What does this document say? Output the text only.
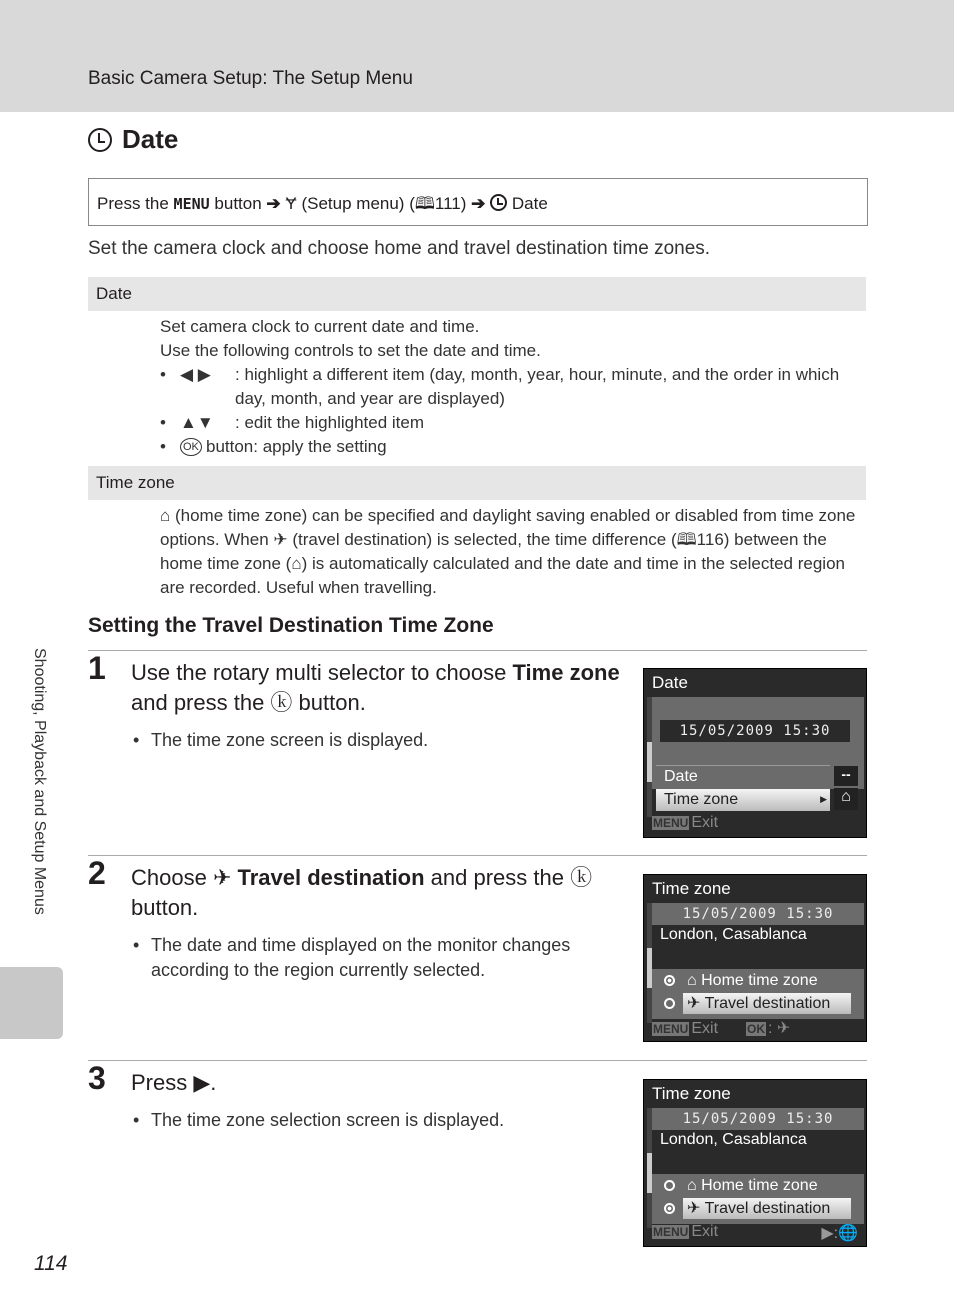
Basic Camera Setup: The Setup Menu
Date
Press the MENU button ➔ Ɏ (Setup menu) (🕮111) ➔ Date
Set the camera clock and choose home and travel destination time zones.
Date
Set camera clock to current date and time.
Use the following controls to set the date and time.
• ◀ ▶ : highlight a different item (day, month, year, hour, minute, and the order in which day, month, and year are displayed)
• ▲▼ : edit the highlighted item
• OK button: apply the setting
Time zone
⌂ (home time zone) can be specified and daylight saving enabled or disabled from time zone options. When ✈ (travel destination) is selected, the time difference (🕮116) between the home time zone (⌂) is automatically calculated and the date and time in the selected region are recorded. Useful when travelling.
Setting the Travel Destination Time Zone
1 Use the rotary multi selector to choose Time zone and press the ⓚ button.
• The time zone screen is displayed.
2 Choose ✈ Travel destination and press the ⓚ button.
• The date and time displayed on the monitor changes according to the region currently selected.
3 Press ▶.
• The time zone selection screen is displayed.
Date
15/05/2009 15:30
Date	--
Time zone	▶ ⌂
MENU Exit
Time zone
15/05/2009 15:30
London, Casablanca
⌂ Home time zone
✈ Travel destination
MENU Exit OK : ✈
Time zone
15/05/2009 15:30
London, Casablanca
⌂ Home time zone
✈ Travel destination
MENU Exit	▶:🌐
Shooting, Playback and Setup Menus
114
